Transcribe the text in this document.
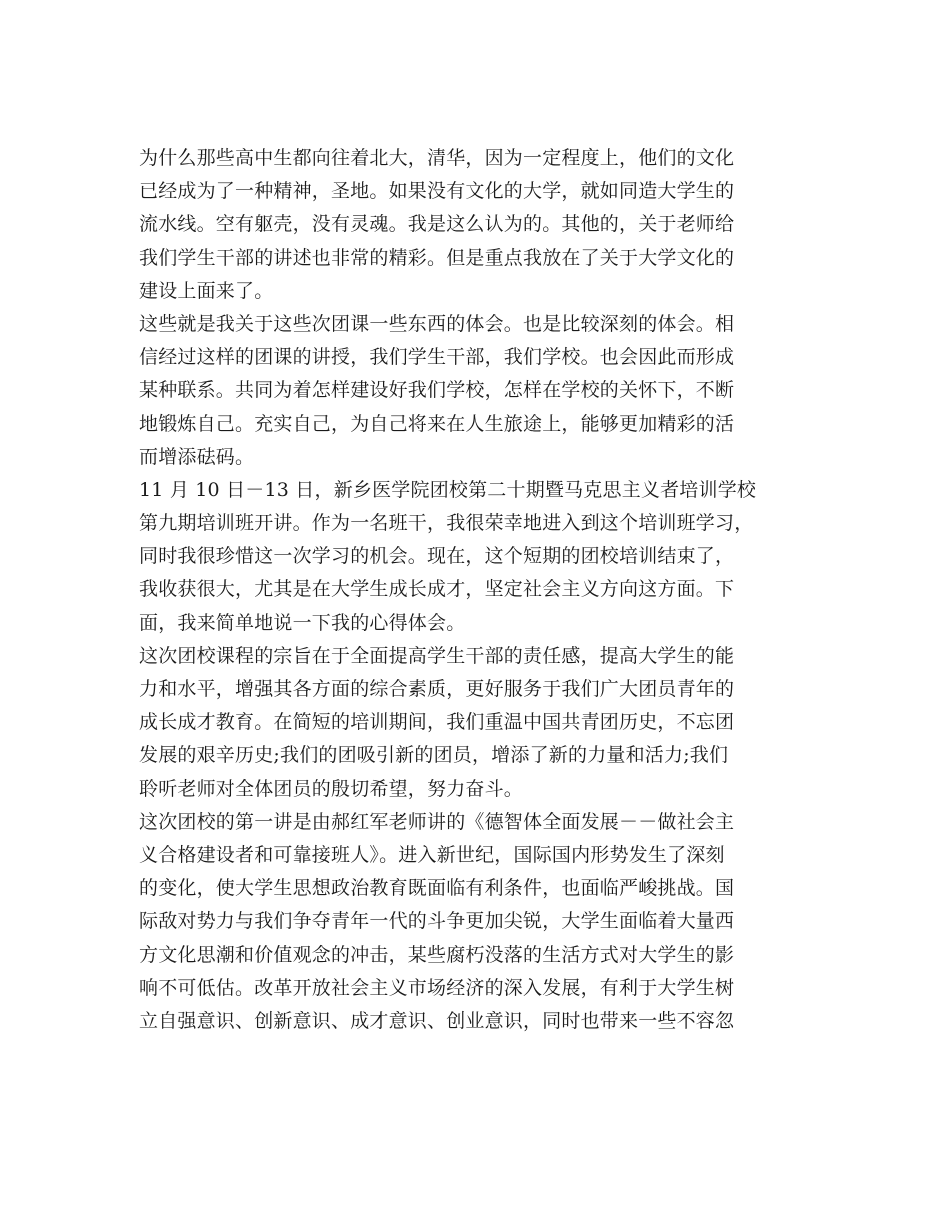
为什么那些高中生都向往着北大，清华，因为一定程度上，他们的文化
已经成为了一种精神，圣地。如果没有文化的大学，就如同造大学生的
流水线。空有躯壳，没有灵魂。我是这么认为的。其他的，关于老师给
我们学生干部的讲述也非常的精彩。但是重点我放在了关于大学文化的
建设上面来了。
这些就是我关于这些次团课一些东西的体会。也是比较深刻的体会。相
信经过这样的团课的讲授，我们学生干部，我们学校。也会因此而形成
某种联系。共同为着怎样建设好我们学校，怎样在学校的关怀下，不断
地锻炼自己。充实自己，为自己将来在人生旅途上，能够更加精彩的活
而增添砝码。
11 月 10 日－13 日，新乡医学院团校第二十期暨马克思主义者培训学校
第九期培训班开讲。作为一名班干，我很荣幸地进入到这个培训班学习，
同时我很珍惜这一次学习的机会。现在，这个短期的团校培训结束了，
我收获很大，尤其是在大学生成长成才，坚定社会主义方向这方面。下
面，我来简单地说一下我的心得体会。
这次团校课程的宗旨在于全面提高学生干部的责任感，提高大学生的能
力和水平，增强其各方面的综合素质，更好服务于我们广大团员青年的
成长成才教育。在简短的培训期间，我们重温中国共青团历史，不忘团
发展的艰辛历史;我们的团吸引新的团员，增添了新的力量和活力;我们
聆听老师对全体团员的殷切希望，努力奋斗。
这次团校的第一讲是由郝红军老师讲的《德智体全面发展－－做社会主
义合格建设者和可靠接班人》。进入新世纪，国际国内形势发生了深刻
的变化，使大学生思想政治教育既面临有利条件，也面临严峻挑战。国
际敌对势力与我们争夺青年一代的斗争更加尖锐，大学生面临着大量西
方文化思潮和价值观念的冲击，某些腐朽没落的生活方式对大学生的影
响不可低估。改革开放社会主义市场经济的深入发展，有利于大学生树
立自强意识、创新意识、成才意识、创业意识，同时也带来一些不容忽
